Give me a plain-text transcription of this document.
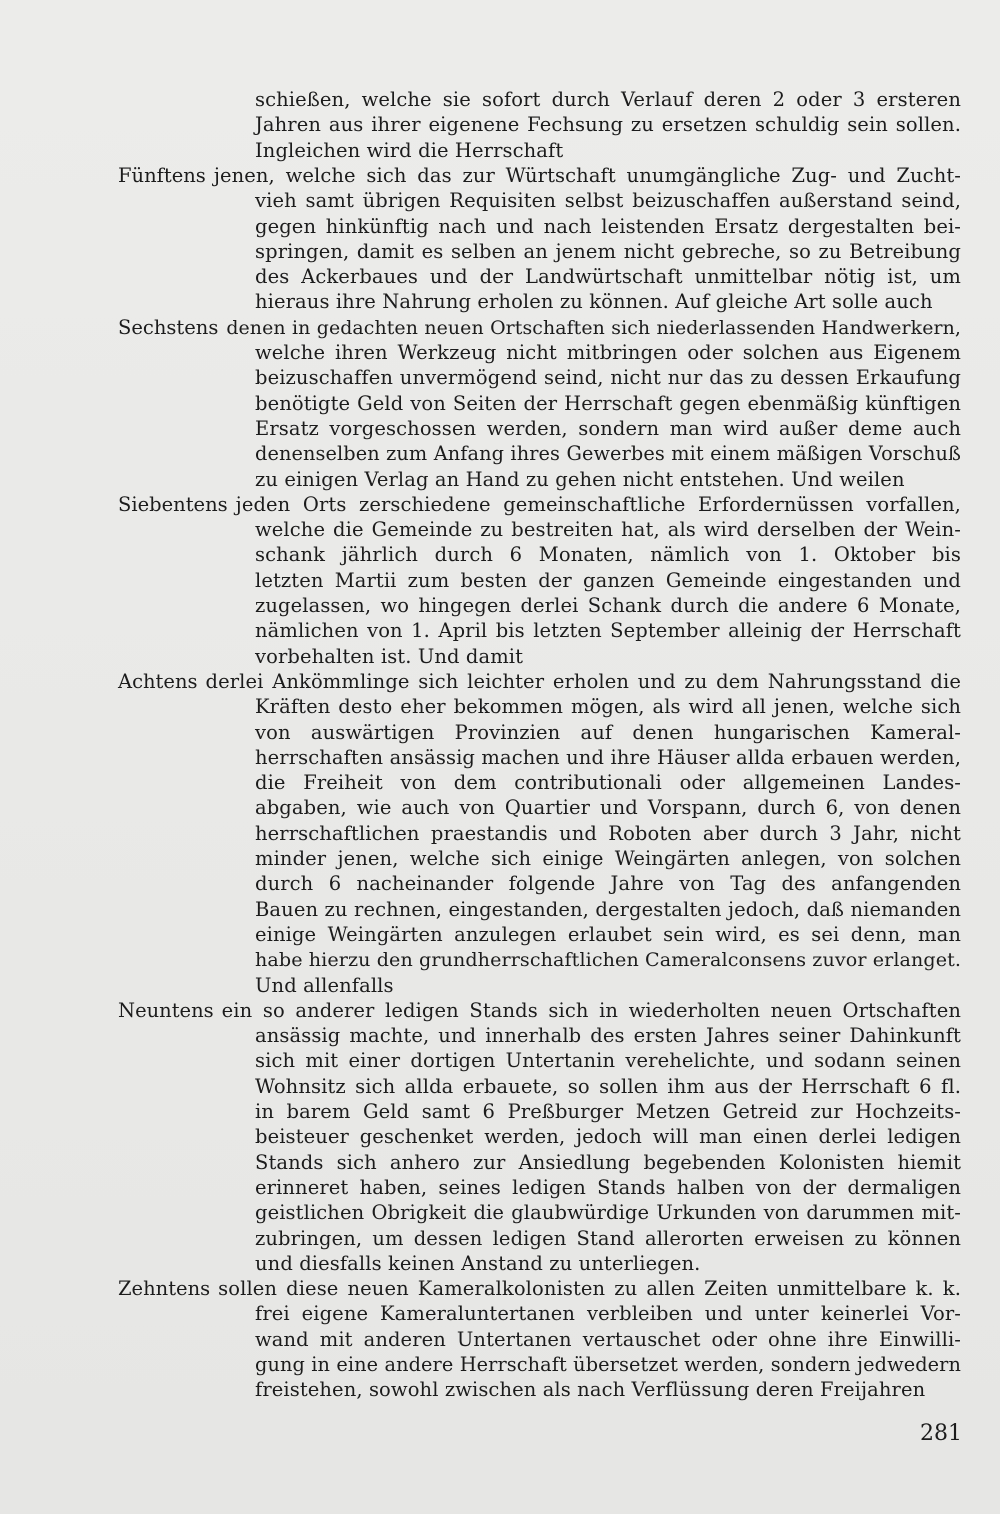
schießen, welche sie sofort durch Verlauf deren 2 oder 3 ersteren
Jahren aus ihrer eigenene Fechsung zu ersetzen schuldig sein sollen.
Ingleichen wird die Herrschaft
Fünftens jenen, welche sich das zur Würtschaft unumgängliche Zug- und Zucht-
vieh samt übrigen Requisiten selbst beizuschaffen außerstand seind,
gegen hinkünftig nach und nach leistenden Ersatz dergestalten bei-
springen, damit es selben an jenem nicht gebreche, so zu Betreibung
des Ackerbaues und der Landwürtschaft unmittelbar nötig ist, um
hieraus ihre Nahrung erholen zu können. Auf gleiche Art solle auch
Sechstens denen in gedachten neuen Ortschaften sich niederlassenden Handwerkern,
welche ihren Werkzeug nicht mitbringen oder solchen aus Eigenem
beizuschaffen unvermögend seind, nicht nur das zu dessen Erkaufung
benötigte Geld von Seiten der Herrschaft gegen ebenmäßig künftigen
Ersatz vorgeschossen werden, sondern man wird außer deme auch
denenselben zum Anfang ihres Gewerbes mit einem mäßigen Vorschuß
zu einigen Verlag an Hand zu gehen nicht entstehen. Und weilen
Siebentens jeden Orts zerschiedene gemeinschaftliche Erfordernüssen vorfallen,
welche die Gemeinde zu bestreiten hat, als wird derselben der Wein-
schank jährlich durch 6 Monaten, nämlich von 1. Oktober bis
letzten Martii zum besten der ganzen Gemeinde eingestanden und
zugelassen, wo hingegen derlei Schank durch die andere 6 Monate,
nämlichen von 1. April bis letzten September alleinig der Herrschaft
vorbehalten ist. Und damit
Achtens derlei Ankömmlinge sich leichter erholen und zu dem Nahrungsstand die
Kräften desto eher bekommen mögen, als wird all jenen, welche sich
von auswärtigen Provinzien auf denen hungarischen Kameral-
herrschaften ansässig machen und ihre Häuser allda erbauen werden,
die Freiheit von dem contributionali oder allgemeinen Landes-
abgaben, wie auch von Quartier und Vorspann, durch 6, von denen
herrschaftlichen praestandis und Roboten aber durch 3 Jahr, nicht
minder jenen, welche sich einige Weingärten anlegen, von solchen
durch 6 nacheinander folgende Jahre von Tag des anfangenden
Bauen zu rechnen, eingestanden, dergestalten jedoch, daß niemanden
einige Weingärten anzulegen erlaubet sein wird, es sei denn, man
habe hierzu den grundherrschaftlichen Cameralconsens zuvor erlanget.
Und allenfalls
Neuntens ein so anderer ledigen Stands sich in wiederholten neuen Ortschaften
ansässig machte, und innerhalb des ersten Jahres seiner Dahinkunft
sich mit einer dortigen Untertanin verehelichte, und sodann seinen
Wohnsitz sich allda erbauete, so sollen ihm aus der Herrschaft 6 fl.
in barem Geld samt 6 Preßburger Metzen Getreid zur Hochzeits-
beisteuer geschenket werden, jedoch will man einen derlei ledigen
Stands sich anhero zur Ansiedlung begebenden Kolonisten hiemit
erinneret haben, seines ledigen Stands halben von der dermaligen
geistlichen Obrigkeit die glaubwürdige Urkunden von darummen mit-
zubringen, um dessen ledigen Stand allerorten erweisen zu können
und diesfalls keinen Anstand zu unterliegen.
Zehntens sollen diese neuen Kameralkolonisten zu allen Zeiten unmittelbare k. k.
frei eigene Kameraluntertanen verbleiben und unter keinerlei Vor-
wand mit anderen Untertanen vertauschet oder ohne ihre Einwilli-
gung in eine andere Herrschaft übersetzet werden, sondern jedwedern
freistehen, sowohl zwischen als nach Verflüssung deren Freijahren
281
